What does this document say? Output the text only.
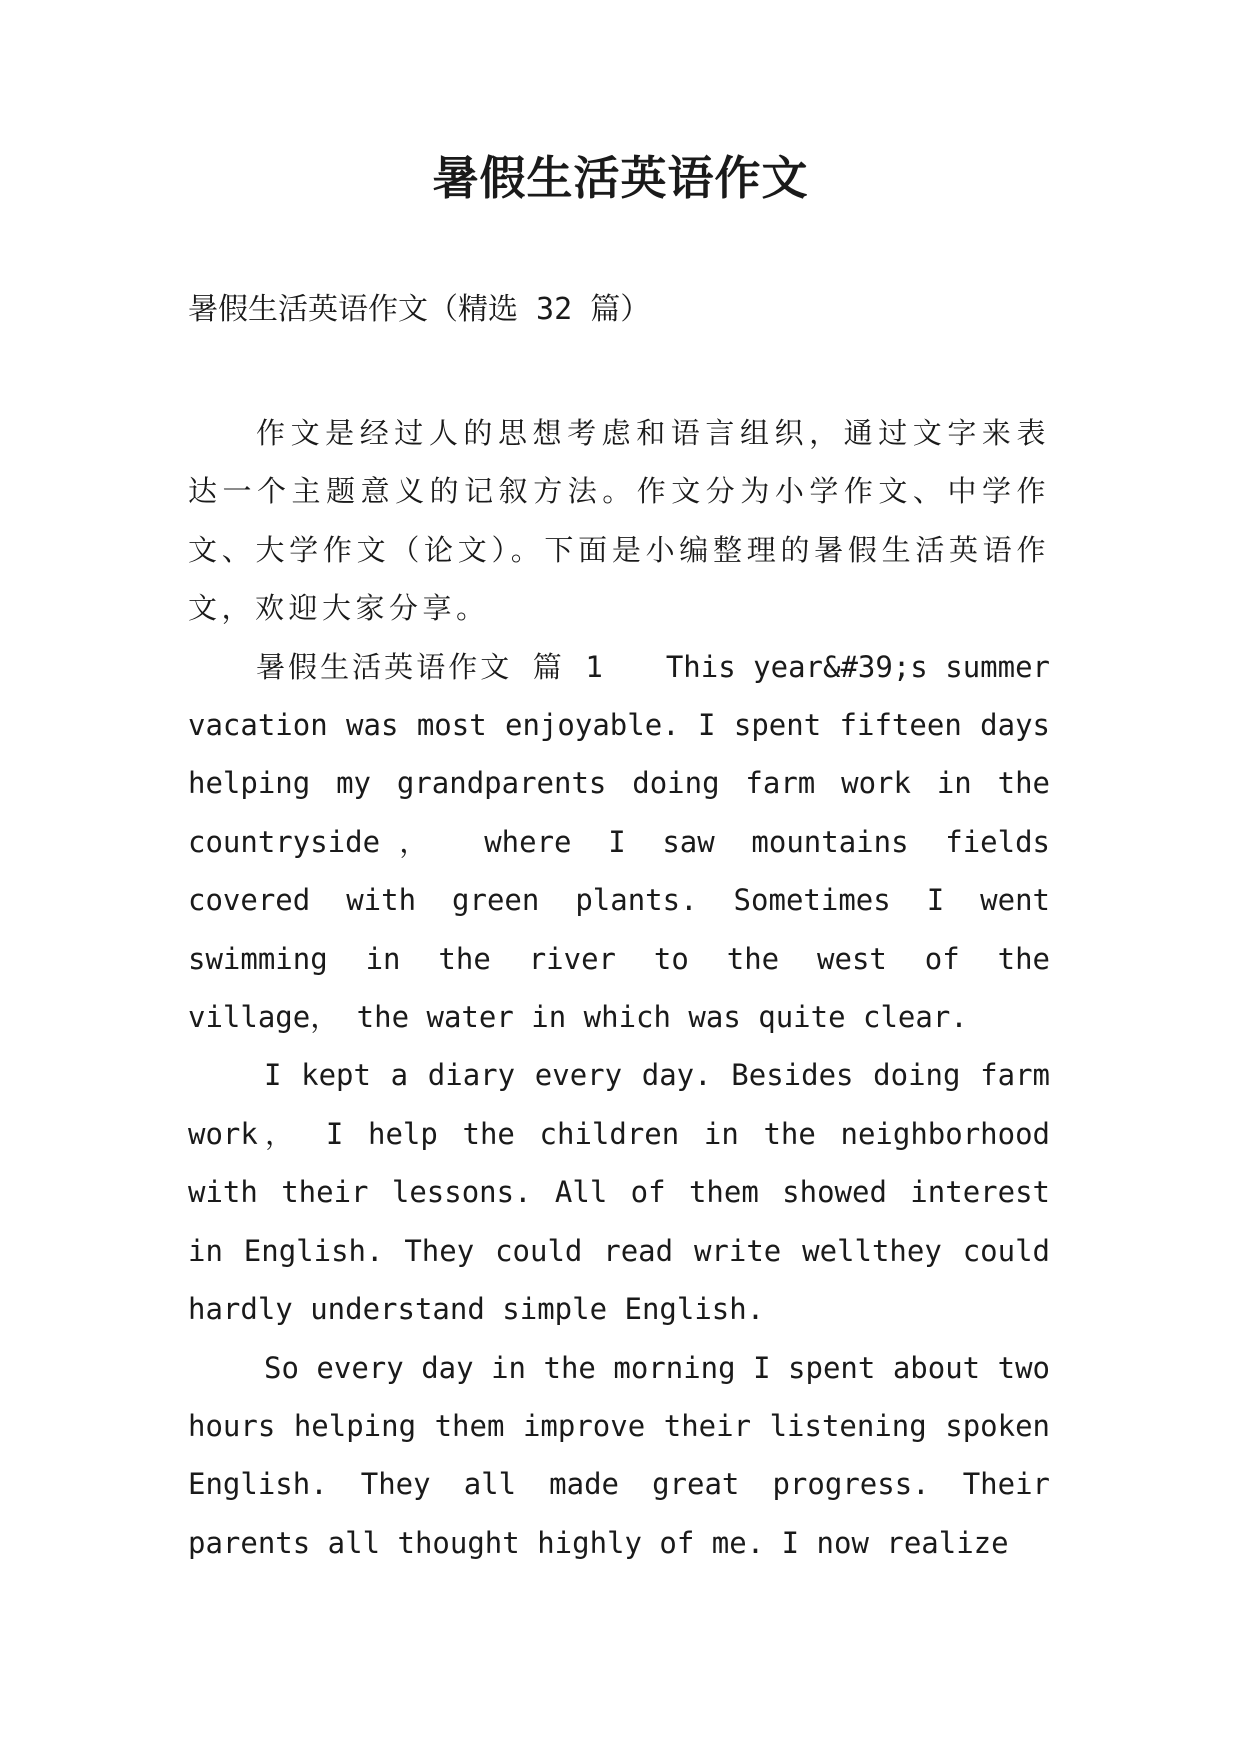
暑假生活英语作文

暑假生活英语作文（精选 32 篇）

作文是经过人的思想考虑和语言组织，通过文字来表达一个主题意义的记叙方法。作文分为小学作文、中学作文、大学作文（论文）。下面是小编整理的暑假生活英语作文，欢迎大家分享。

暑假生活英语作文 篇 1 This year&#39;s summer vacation was most enjoyable. I spent fifteen days helping my grandparents doing farm work in the countryside， where I saw mountains fields covered with green plants. Sometimes I went swimming in the river to the west of the village， the water in which was quite clear.

I kept a diary every day. Besides doing farm work， I help the children in the neighborhood with their lessons. All of them showed interest in English. They could read write wellthey could hardly understand simple English.

So every day in the morning I spent about two hours helping them improve their listening spoken English. They all made great progress. Their parents all thought highly of me. I now realize
